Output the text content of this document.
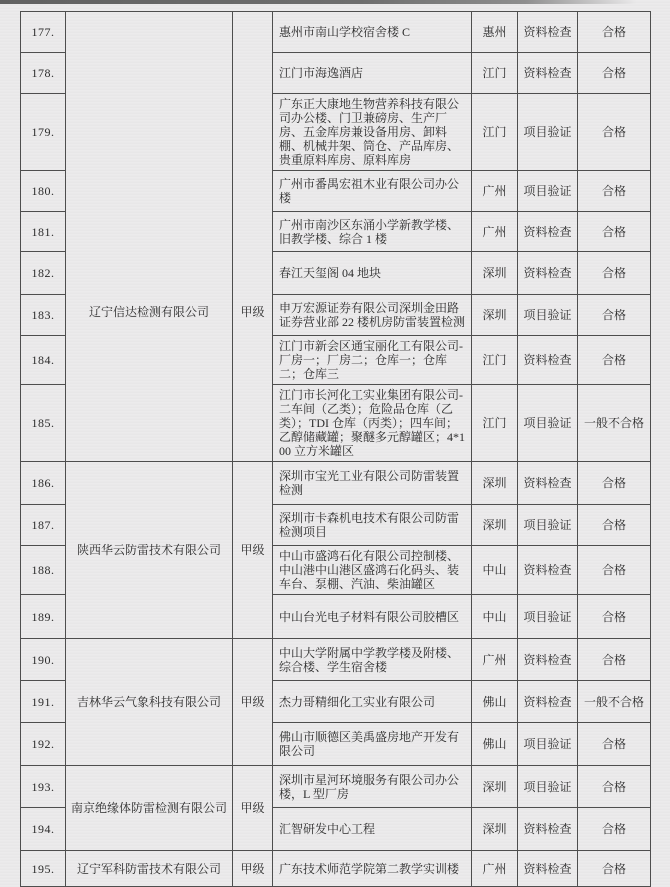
177.	辽宁信达检测有限公司	甲级	惠州市南山学校宿舍楼 C	惠州	资料检查	合格
178.			江门市海逸酒店	江门	资料检查	合格
179.			广东正大康地生物营养科技有限公司办公楼、门卫兼磅房、生产厂房、五金库房兼设备用房、卸料棚、机械井架、筒仓、产品库房、贵重原料库房、原料库房	江门	项目验证	合格
180.			广州市番禺宏祖木业有限公司办公楼	广州	项目验证	合格
181.			广州市南沙区东涌小学新教学楼、旧教学楼、综合 1 楼	广州	资料检查	合格
182.			春江天玺阁 04 地块	深圳	资料检查	合格
183.			申万宏源证券有限公司深圳金田路证券营业部 22 楼机房防雷装置检测	深圳	项目验证	合格
184.			江门市新会区通宝丽化工有限公司-厂房一；厂房二；仓库一；仓库二；仓库三	江门	资料检查	合格
185.			江门市长河化工实业集团有限公司-二车间（乙类）；危险品仓库（乙类）；TDI 仓库（丙类）；四车间；乙醇储藏罐；聚醚多元醇罐区；4*100 立方米罐区	江门	项目验证	一般不合格
186.	陕西华云防雷技术有限公司	甲级	深圳市宝光工业有限公司防雷装置检测	深圳	资料检查	合格
187.			深圳市卡森机电技术有限公司防雷检测项目	深圳	项目验证	合格
188.			中山市盛鸿石化有限公司控制楼、中山港中山港区盛鸿石化码头、装车台、泵棚、汽油、柴油罐区	中山	资料检查	合格
189.			中山台光电子材料有限公司胶槽区	中山	项目验证	合格
190.	吉林华云气象科技有限公司	甲级	中山大学附属中学教学楼及附楼、综合楼、学生宿舍楼	广州	资料检查	合格
191.			杰力哥精细化工实业有限公司	佛山	资料检查	一般不合格
192.			佛山市顺德区美禹盛房地产开发有限公司	佛山	项目验证	合格
193.	南京绝缘体防雷检测有限公司	甲级	深圳市星河环境服务有限公司办公楼，L 型厂房	深圳	项目验证	合格
194.			汇智研发中心工程	深圳	资料检查	合格
195.	辽宁军科防雷技术有限公司	甲级	广东技术师范学院第二教学实训楼	广州	资料检查	合格
